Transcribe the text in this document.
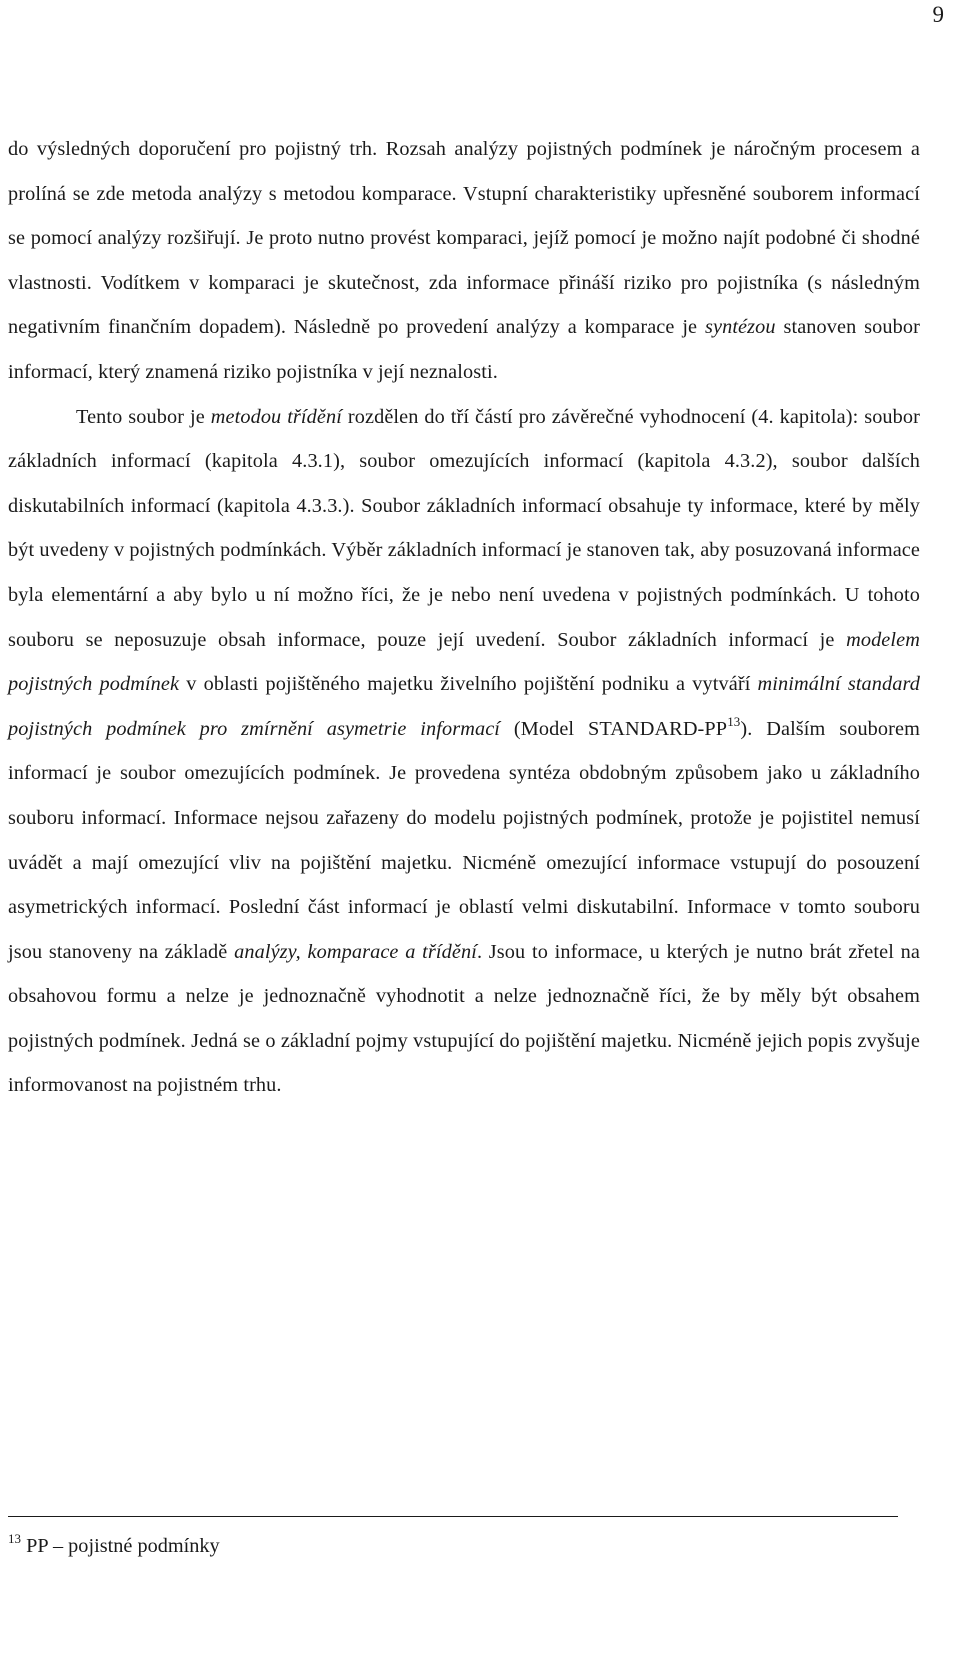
9

do výsledných doporučení pro pojistný trh. Rozsah analýzy pojistných podmínek je náročným procesem a prolíná se zde metoda analýzy s metodou komparace. Vstupní charakteristiky upřesněné souborem informací se pomocí analýzy rozšiřují. Je proto nutno provést komparaci, jejíž pomocí je možno najít podobné či shodné vlastnosti. Vodítkem v komparaci je skutečnost, zda informace přináší riziko pro pojistníka (s následným negativním finančním dopadem). Následně po provedení analýzy a komparace je syntézou stanoven soubor informací, který znamená riziko pojistníka v její neznalosti.

Tento soubor je metodou třídění rozdělen do tří částí pro závěrečné vyhodnocení (4. kapitola): soubor základních informací (kapitola 4.3.1), soubor omezujících informací (kapitola 4.3.2), soubor dalších diskutabilních informací (kapitola 4.3.3.). Soubor základních informací obsahuje ty informace, které by měly být uvedeny v pojistných podmínkách. Výběr základních informací je stanoven tak, aby posuzovaná informace byla elementární a aby bylo u ní možno říci, že je nebo není uvedena v pojistných podmínkách. U tohoto souboru se neposuzuje obsah informace, pouze její uvedení. Soubor základních informací je modelem pojistných podmínek v oblasti pojištěného majetku živelního pojištění podniku a vytváří minimální standard pojistných podmínek pro zmírnění asymetrie informací (Model STANDARD-PP$^{13}$). Dalším souborem informací je soubor omezujících podmínek. Je provedena syntéza obdobným způsobem jako u základního souboru informací. Informace nejsou zařazeny do modelu pojistných podmínek, protože je pojistitel nemusí uvádět a mají omezující vliv na pojištění majetku. Nicméně omezující informace vstupují do posouzení asymetrických informací. Poslední část informací je oblastí velmi diskutabilní. Informace v tomto souboru jsou stanoveny na základě analýzy, komparace a třídění. Jsou to informace, u kterých je nutno brát zřetel na obsahovou formu a nelze je jednoznačně vyhodnotit a nelze jednoznačně říci, že by měly být obsahem pojistných podmínek. Jedná se o základní pojmy vstupující do pojištění majetku. Nicméně jejich popis zvyšuje informovanost na pojistném trhu.

$^{13}$ PP – pojistné podmínky
